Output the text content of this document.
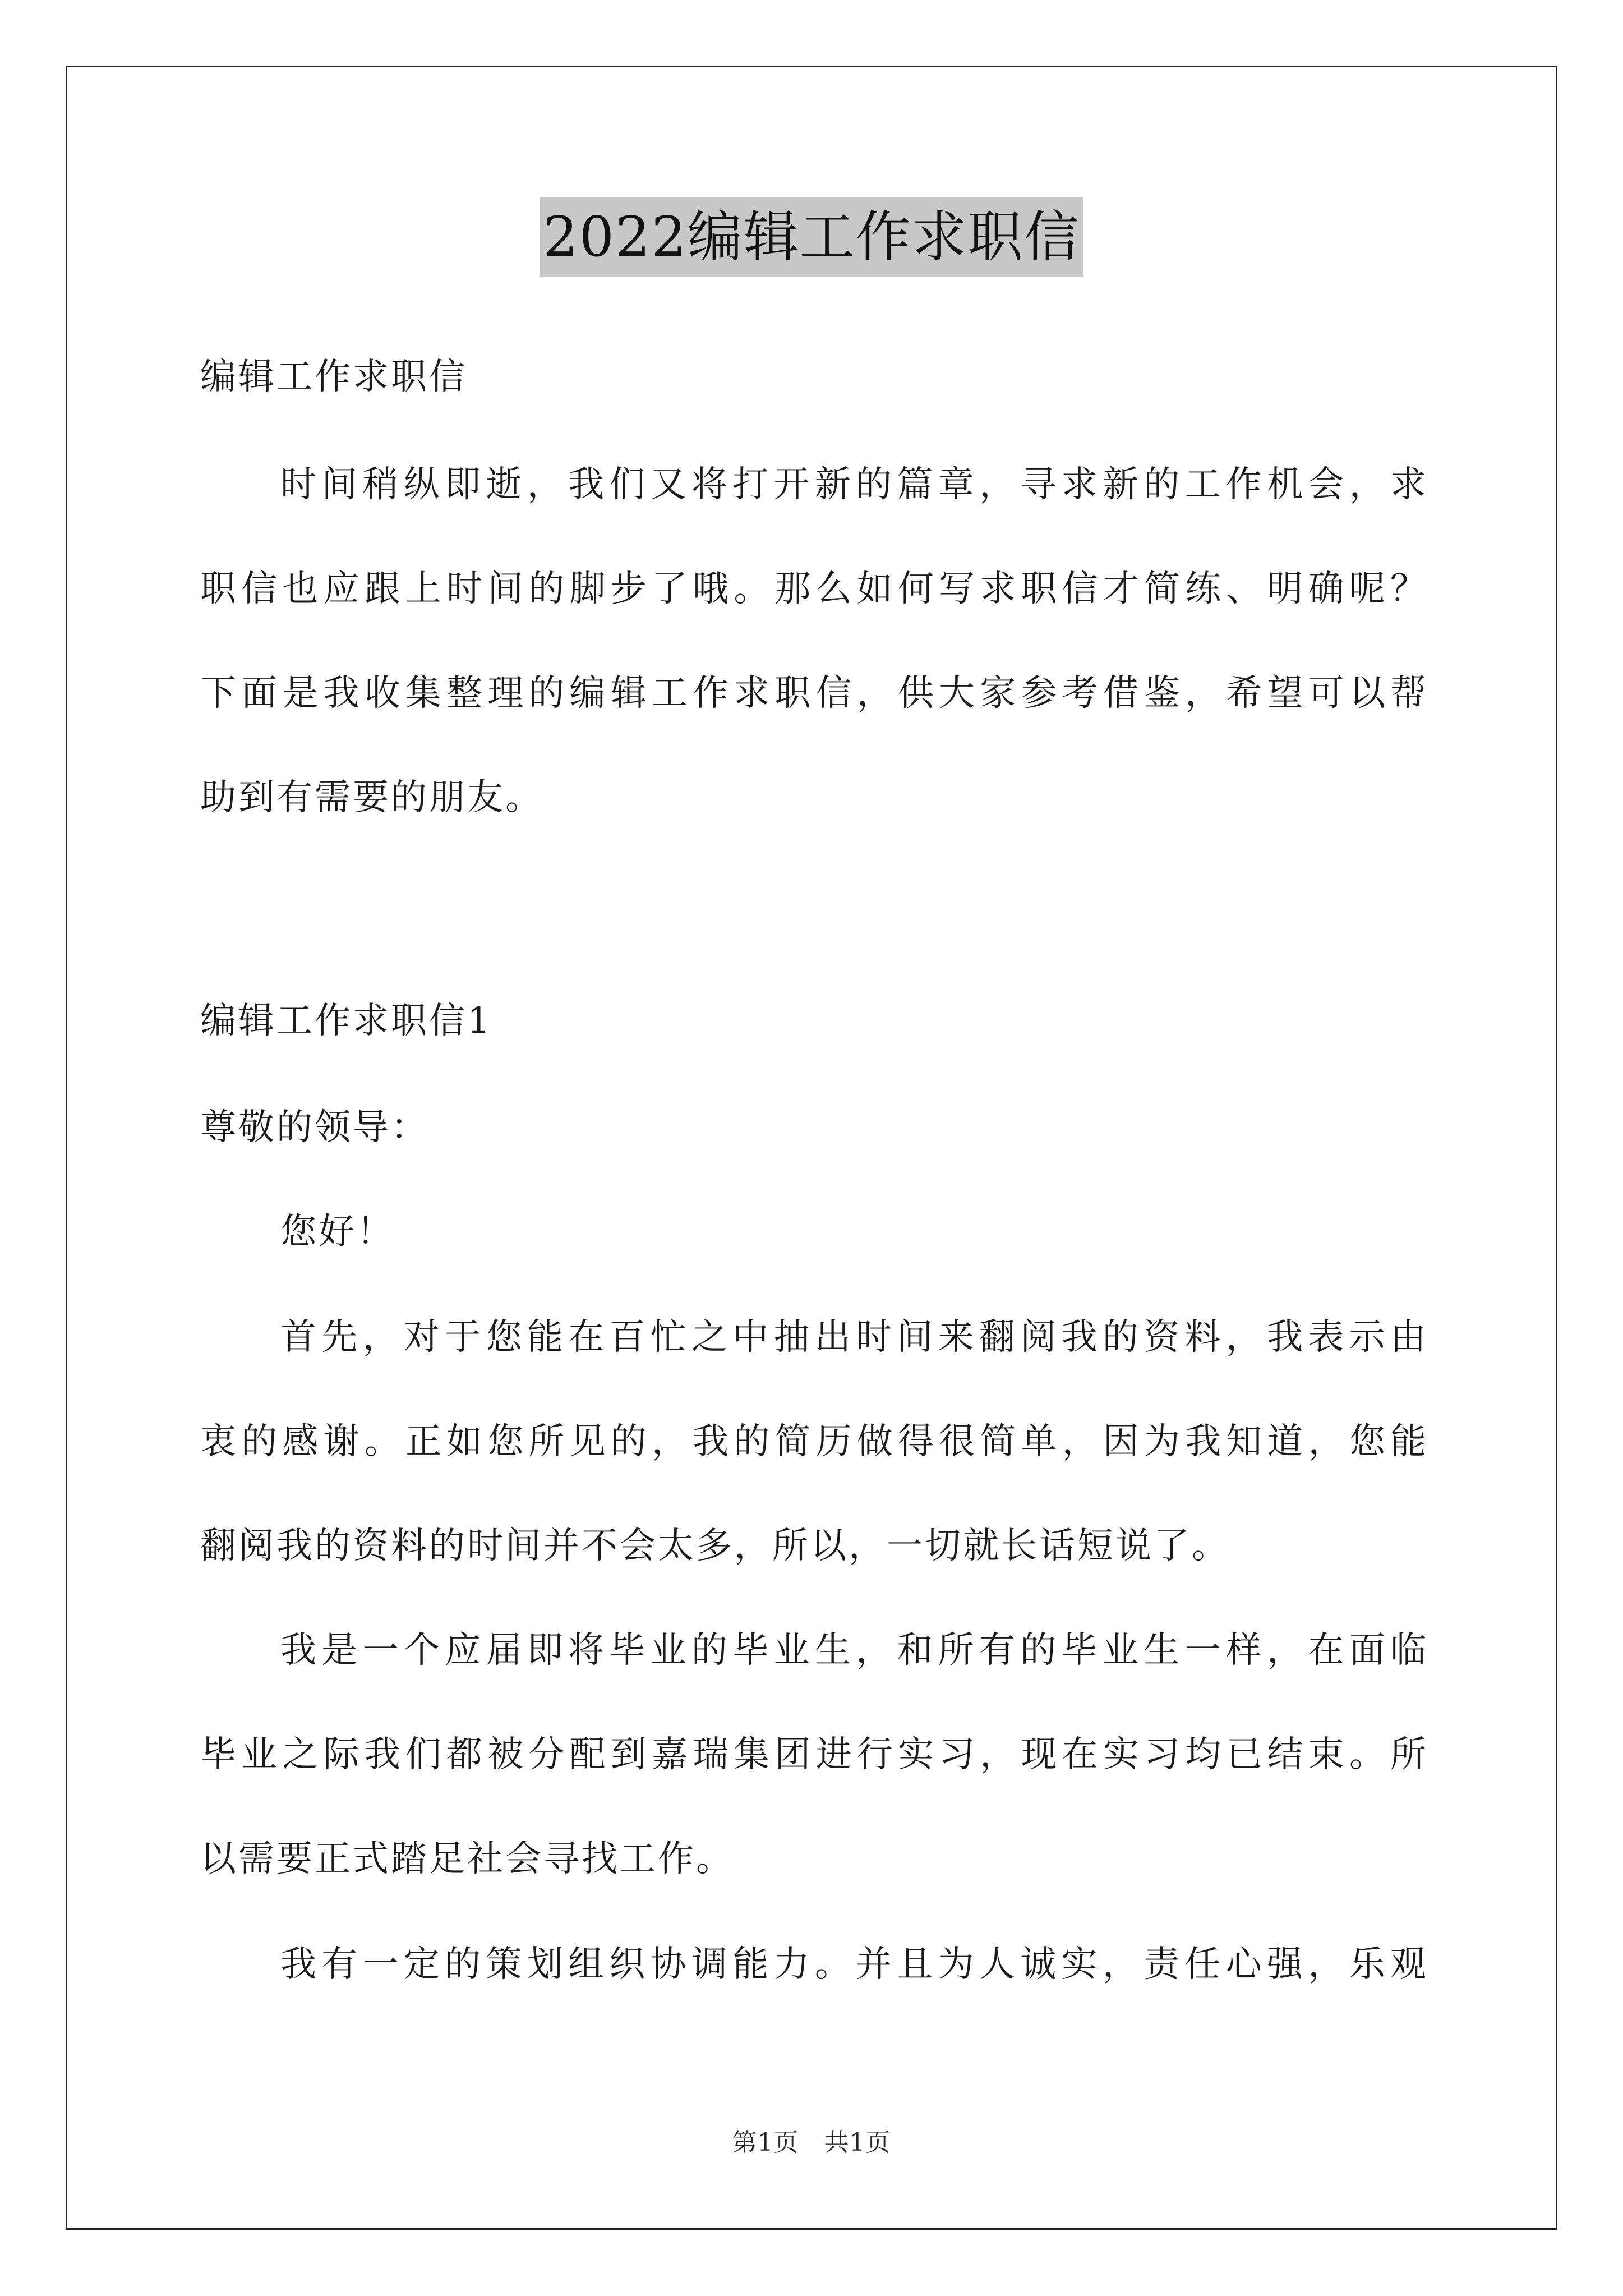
2022编辑工作求职信
编辑工作求职信
时间稍纵即逝，我们又将打开新的篇章，寻求新的工作机会，求
职信也应跟上时间的脚步了哦。那么如何写求职信才简练、明确呢？
下面是我收集整理的编辑工作求职信，供大家参考借鉴，希望可以帮
助到有需要的朋友。
编辑工作求职信1
尊敬的领导：
您好！
首先，对于您能在百忙之中抽出时间来翻阅我的资料，我表示由
衷的感谢。正如您所见的，我的简历做得很简单，因为我知道，您能
翻阅我的资料的时间并不会太多，所以，一切就长话短说了。
我是一个应届即将毕业的毕业生，和所有的毕业生一样，在面临
毕业之际我们都被分配到嘉瑞集团进行实习，现在实习均已结束。所
以需要正式踏足社会寻找工作。
我有一定的策划组织协调能力。并且为人诚实，责任心强，乐观
第1页　共1页
